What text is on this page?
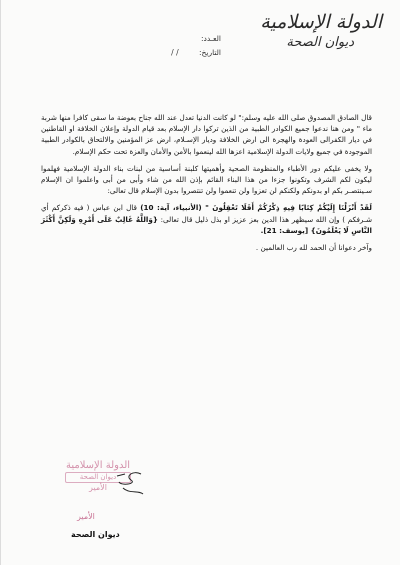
الدولة الإسلامية
ديوان الصحة
العـدد:
التاريخ: / /

قال الصادق المصدوق صلى الله عليه وسلم:" لو كانت الدنيا تعدل عند الله جناح بعوضة ما سقى كافرا منها شربة ماء " ومن هنا ندعوا جميع الكوادر الطبية من الذين تركوا دار الإسلام بعد قيام الدولة وإعلان الخلافة او القاطنين في ديار الكفرالى العودة والهجرة الى ارض الخلافة وديار الإسـلام، ارض عز المؤمنين والالتحاق بالكوادر الطبية الموجودة في جميع ولايات الدولة الإسلامية اعزها الله لينعموا بالأمن والأمان والعزة تحت حكم الإسلام.

ولا يخفى عليكم دور الأطباء والمنظومة الصحية وأهميتها كلبنة أساسية من لبنات بناء الدولة الإسلامية فهلموا ليكون لكم الشرف وتكونوا جزءا من هذا البناء القائم بإذن الله من شاء وأبى من أبى واعلموا ان الإسلام سـينتصـر بكم او بدونكم ولكنكم لن تعزوا ولن تنعموا ولن تنتصروا بدون الإسلام قال تعالى:

لَقَدْ أَنْزَلْنَا إِلَيْكُمْ كِتَابًا فِيهِ ذِكْرُكُمْ أَفَلَا تَعْقِلُونَ " (الأنبياء، آية: 10) قال ابن عباس ( فيه ذكركم أي شـرفكم ) وإن الله سيظهر هذا الدين بعز عزيز او بذل ذليل قال تعالى: {وَاللَّهُ غَالِبٌ عَلَى أَمْرِهِ وَلَكِنَّ أَكْثَرَ النَّاسِ لَا يَعْلَمُونَ} [يوسف: 21].

وآخر دعوانا أن الحمد لله رب العالمين .

الدولة الإسلامية
ديوان الصحة
الأمير
الأمير
ديوان الصحة
